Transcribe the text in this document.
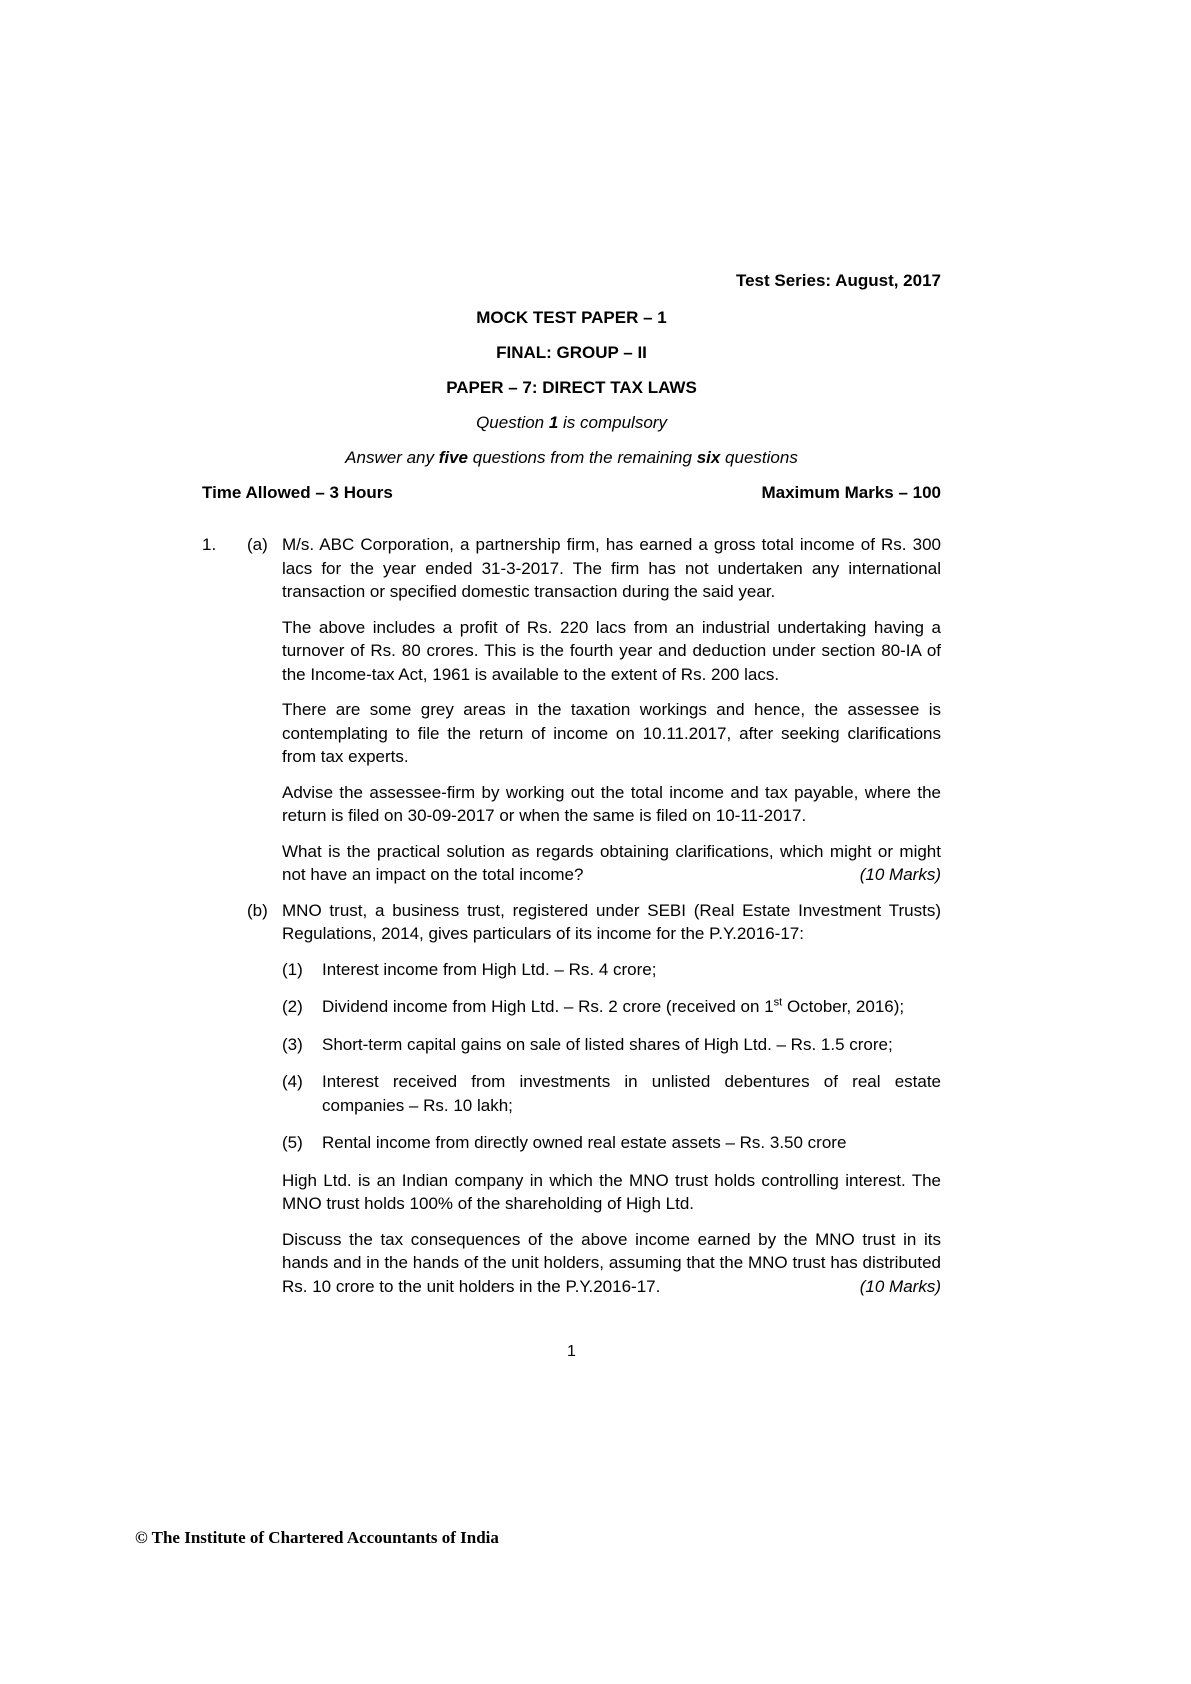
Test Series: August, 2017
MOCK TEST PAPER – 1
FINAL: GROUP – II
PAPER – 7: DIRECT TAX LAWS
Question 1 is compulsory
Answer any five questions from the remaining six questions
Time Allowed – 3 Hours	Maximum Marks – 100
1.	(a) M/s. ABC Corporation, a partnership firm, has earned a gross total income of Rs. 300 lacs for the year ended 31-3-2017. The firm has not undertaken any international transaction or specified domestic transaction during the said year.

The above includes a profit of Rs. 220 lacs from an industrial undertaking having a turnover of Rs. 80 crores. This is the fourth year and deduction under section 80-IA of the Income-tax Act, 1961 is available to the extent of Rs. 200 lacs.

There are some grey areas in the taxation workings and hence, the assessee is contemplating to file the return of income on 10.11.2017, after seeking clarifications from tax experts.

Advise the assessee-firm by working out the total income and tax payable, where the return is filed on 30-09-2017 or when the same is filed on 10-11-2017.

What is the practical solution as regards obtaining clarifications, which might or might not have an impact on the total income?	(10 Marks)

(b) MNO trust, a business trust, registered under SEBI (Real Estate Investment Trusts) Regulations, 2014, gives particulars of its income for the P.Y.2016-17:

(1)	Interest income from High Ltd. – Rs. 4 crore;
(2)	Dividend income from High Ltd. – Rs. 2 crore (received on 1st October, 2016);
(3)	Short-term capital gains on sale of listed shares of High Ltd. – Rs. 1.5 crore;
(4)	Interest received from investments in unlisted debentures of real estate companies – Rs. 10 lakh;
(5)	Rental income from directly owned real estate assets – Rs. 3.50 crore

High Ltd. is an Indian company in which the MNO trust holds controlling interest. The MNO trust holds 100% of the shareholding of High Ltd.

Discuss the tax consequences of the above income earned by the MNO trust in its hands and in the hands of the unit holders, assuming that the MNO trust has distributed Rs. 10 crore to the unit holders in the P.Y.2016-17.	(10 Marks)

1
© The Institute of Chartered Accountants of India
